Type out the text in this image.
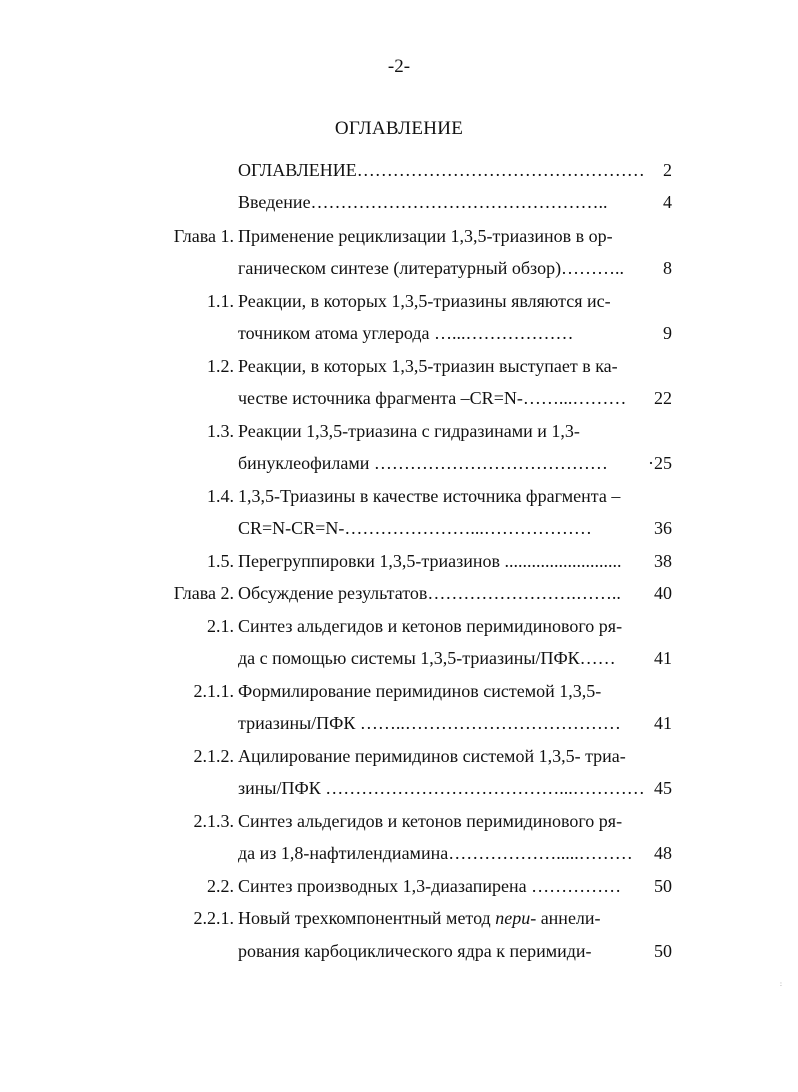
-2-
ОГЛАВЛЕНИЕ
ОГЛАВЛЕНИЕ…………………………………………	2
Введение…………………………………………..	4
Глава 1. Применение рециклизации 1,3,5-триазинов в ор-
ганическом синтезе (литературный обзор)………..	8
1.1. Реакции, в которых 1,3,5-триазины являются ис-
точником атома углерода …...………………	9
1.2. Реакции, в которых 1,3,5-триазин выступает в ка-
честве источника фрагмента –CR=N-……...………	22
1.3. Реакции 1,3,5-триазина с гидразинами и 1,3-
бинуклеофилами …………………………………	·25
1.4. 1,3,5-Триазины в качестве источника фрагмента –
CR=N-CR=N-…………………...………………	36
1.5. Перегруппировки 1,3,5-триазинов ..........................	38
Глава 2. Обсуждение результатов…………………….……..	40
2.1. Синтез альдегидов и кетонов перимидинового ря-
да с помощью системы 1,3,5-триазины/ПФК……	41
2.1.1. Формилирование перимидинов системой 1,3,5-
триазины/ПФК ……..………………………………	41
2.1.2. Ацилирование перимидинов системой 1,3,5- триа-
зины/ПФК …………………………………...………… 45
2.1.3. Синтез альдегидов и кетонов перимидинового ря-
да из 1,8-нафтилендиамина……………….....………	48
2.2. Синтез производных 1,3-диазапирена ……………	50
2.2.1. Новый трехкомпонентный метод пери- аннели-
рования карбоциклического ядра к перимиди-	50
:
